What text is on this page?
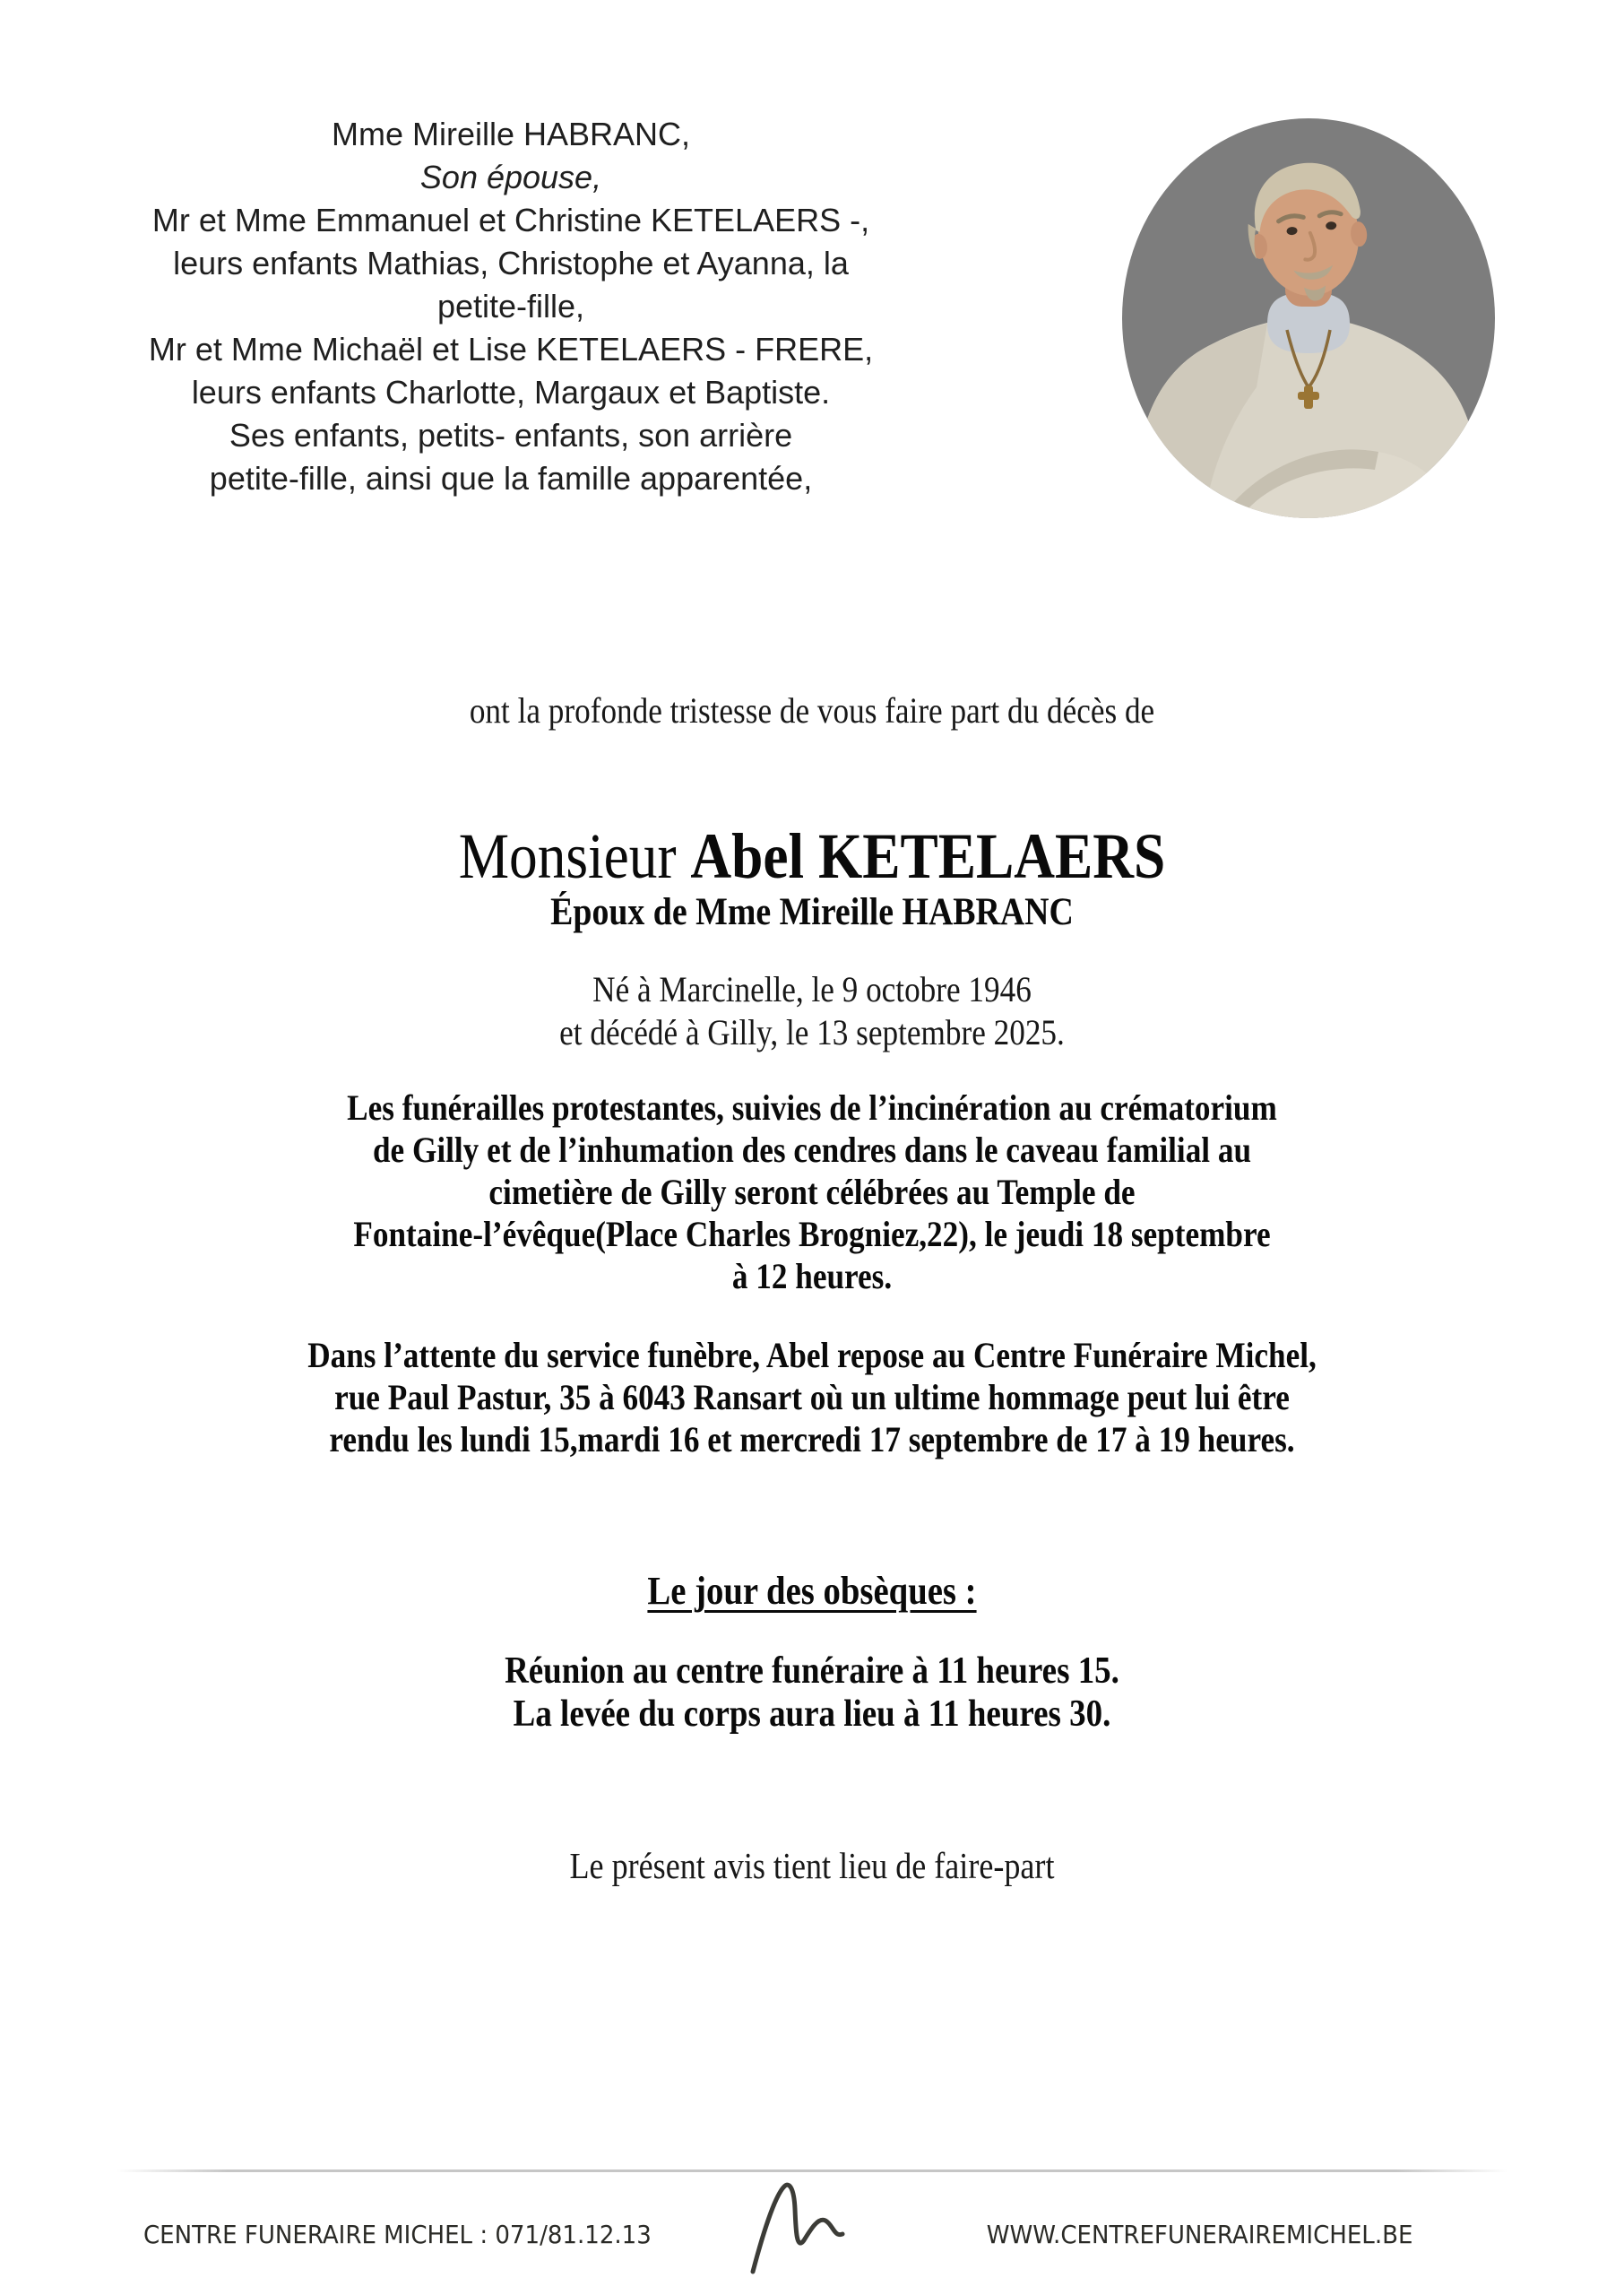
Mme Mireille HABRANC,
Son épouse,
Mr et Mme Emmanuel et Christine KETELAERS -,
leurs enfants Mathias, Christophe et Ayanna, la
petite-fille,
Mr et Mme Michaël et Lise KETELAERS - FRERE,
leurs enfants Charlotte, Margaux et Baptiste.
Ses enfants, petits- enfants, son arrière
petite-fille, ainsi que la famille apparentée,
ont la profonde tristesse de vous faire part du décès de
Monsieur Abel KETELAERS
Époux de Mme Mireille HABRANC
Né à Marcinelle, le 9 octobre 1946
et décédé à Gilly, le 13 septembre 2025.
Les funérailles protestantes, suivies de l’incinération au crématorium
de Gilly et de l’inhumation des cendres dans le caveau familial au
cimetière de Gilly seront célébrées au Temple de
Fontaine-l’évêque(Place Charles Brogniez,22), le jeudi 18 septembre
à 12 heures.
Dans l’attente du service funèbre, Abel repose au Centre Funéraire Michel,
rue Paul Pastur, 35 à 6043 Ransart où un ultime hommage peut lui être
rendu les lundi 15,mardi 16 et mercredi 17 septembre de 17 à 19 heures.
Le jour des obsèques :
Réunion au centre funéraire à 11 heures 15.
La levée du corps aura lieu à 11 heures 30.
Le présent avis tient lieu de faire-part
CENTRE FUNERAIRE MICHEL : 071/81.12.13	WWW.CENTREFUNERAIREMICHEL.BE
